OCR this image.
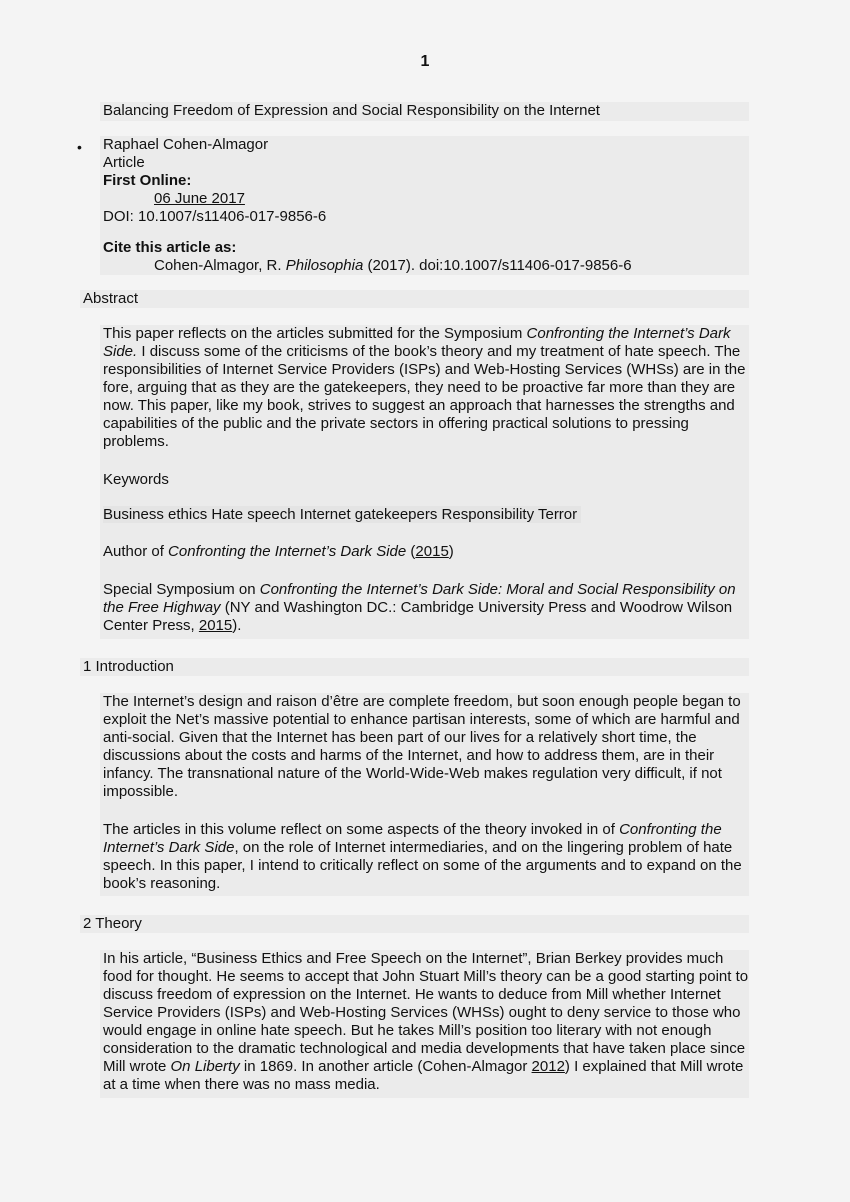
1

Balancing Freedom of Expression and Social Responsibility on the Internet

• Raphael Cohen-Almagor
Article
First Online:
06 June 2017
DOI: 10.1007/s11406-017-9856-6
Cite this article as:
Cohen-Almagor, R. Philosophia (2017). doi:10.1007/s11406-017-9856-6
Abstract

This paper reflects on the articles submitted for the Symposium Confronting the Internet’s Dark Side. I discuss some of the criticisms of the book’s theory and my treatment of hate speech. The responsibilities of Internet Service Providers (ISPs) and Web-Hosting Services (WHSs) are in the fore, arguing that as they are the gatekeepers, they need to be proactive far more than they are now. This paper, like my book, strives to suggest an approach that harnesses the strengths and capabilities of the public and the private sectors in offering practical solutions to pressing problems.

Keywords

Business ethics Hate speech Internet gatekeepers Responsibility Terror

Author of Confronting the Internet’s Dark Side (2015)

Special Symposium on Confronting the Internet’s Dark Side: Moral and Social Responsibility on the Free Highway (NY and Washington DC.: Cambridge University Press and Woodrow Wilson Center Press, 2015).

1 Introduction

The Internet’s design and raison d’être are complete freedom, but soon enough people began to exploit the Net’s massive potential to enhance partisan interests, some of which are harmful and anti-social. Given that the Internet has been part of our lives for a relatively short time, the discussions about the costs and harms of the Internet, and how to address them, are in their infancy. The transnational nature of the World-Wide-Web makes regulation very difficult, if not impossible.

The articles in this volume reflect on some aspects of the theory invoked in of Confronting the Internet’s Dark Side, on the role of Internet intermediaries, and on the lingering problem of hate speech. In this paper, I intend to critically reflect on some of the arguments and to expand on the book’s reasoning.

2 Theory

In his article, “Business Ethics and Free Speech on the Internet”, Brian Berkey provides much food for thought. He seems to accept that John Stuart Mill’s theory can be a good starting point to discuss freedom of expression on the Internet. He wants to deduce from Mill whether Internet Service Providers (ISPs) and Web-Hosting Services (WHSs) ought to deny service to those who would engage in online hate speech. But he takes Mill’s position too literary with not enough consideration to the dramatic technological and media developments that have taken place since Mill wrote On Liberty in 1869. In another article (Cohen-Almagor 2012) I explained that Mill wrote at a time when there was no mass media.
